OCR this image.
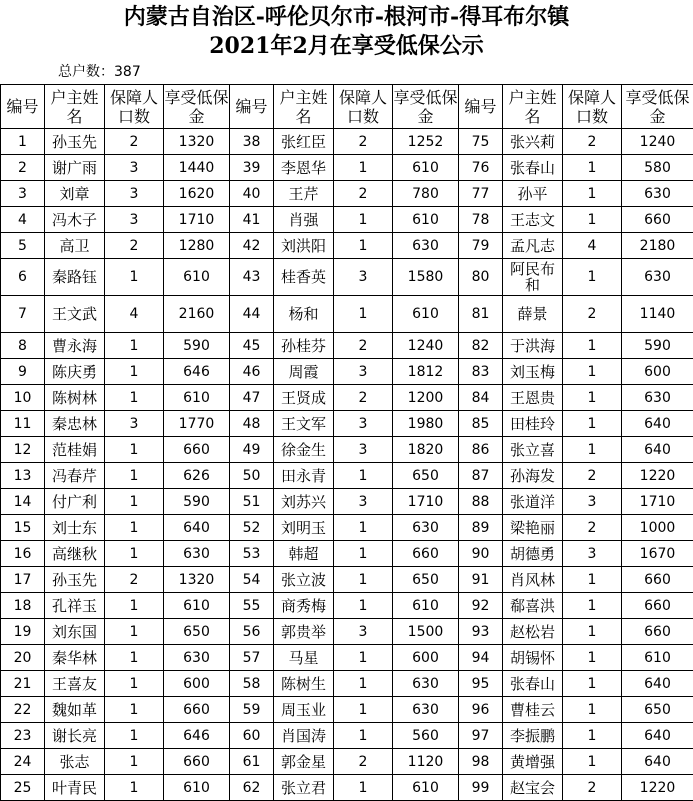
内蒙古自治区-呼伦贝尔市-根河市-得耳布尔镇
2021年2月在享受低保公示
总户数：387
编号	户主姓名	保障人口数	享受低保金	编号	户主姓名	保障人口数	享受低保金	编号	户主姓名	保障人口数	享受低保金
1	孙玉先	2	1320	38	张红臣	2	1252	75	张兴莉	2	1240
2	谢广雨	3	1440	39	李恩华	1	610	76	张春山	1	580
3	刘章	3	1620	40	王芹	2	780	77	孙平	1	630
4	冯木子	3	1710	41	肖强	1	610	78	王志文	1	660
5	高卫	2	1280	42	刘洪阳	1	630	79	孟凡志	4	2180
6	秦路钰	1	610	43	桂香英	3	1580	80	阿民布和	1	630
7	王文武	4	2160	44	杨和	1	610	81	薛景	2	1140
8	曹永海	1	590	45	孙桂芬	2	1240	82	于洪海	1	590
9	陈庆勇	1	646	46	周霞	3	1812	83	刘玉梅	1	600
10	陈树林	1	610	47	王贤成	2	1200	84	王恩贵	1	630
11	秦忠林	3	1770	48	王文军	3	1980	85	田桂玲	1	640
12	范桂娟	1	660	49	徐金生	3	1820	86	张立喜	1	640
13	冯春芹	1	626	50	田永青	1	650	87	孙海发	2	1220
14	付广利	1	590	51	刘苏兴	3	1710	88	张道洋	3	1710
15	刘士东	1	640	52	刘明玉	1	630	89	梁艳丽	2	1000
16	高继秋	1	630	53	韩超	1	660	90	胡德勇	3	1670
17	孙玉先	2	1320	54	张立波	1	650	91	肖风林	1	660
18	孔祥玉	1	610	55	商秀梅	1	610	92	郗喜洪	1	660
19	刘东国	1	650	56	郭贵举	3	1500	93	赵松岩	1	660
20	秦华林	1	630	57	马星	1	600	94	胡锡怀	1	610
21	王喜友	1	600	58	陈树生	1	630	95	张春山	1	640
22	魏如革	1	660	59	周玉业	1	630	96	曹桂云	1	650
23	谢长亮	1	646	60	肖国涛	1	560	97	李振鹏	1	640
24	张志	1	660	61	郭金星	2	1120	98	黄增强	1	640
25	叶青民	1	610	62	张立君	1	610	99	赵宝会	2	1220
